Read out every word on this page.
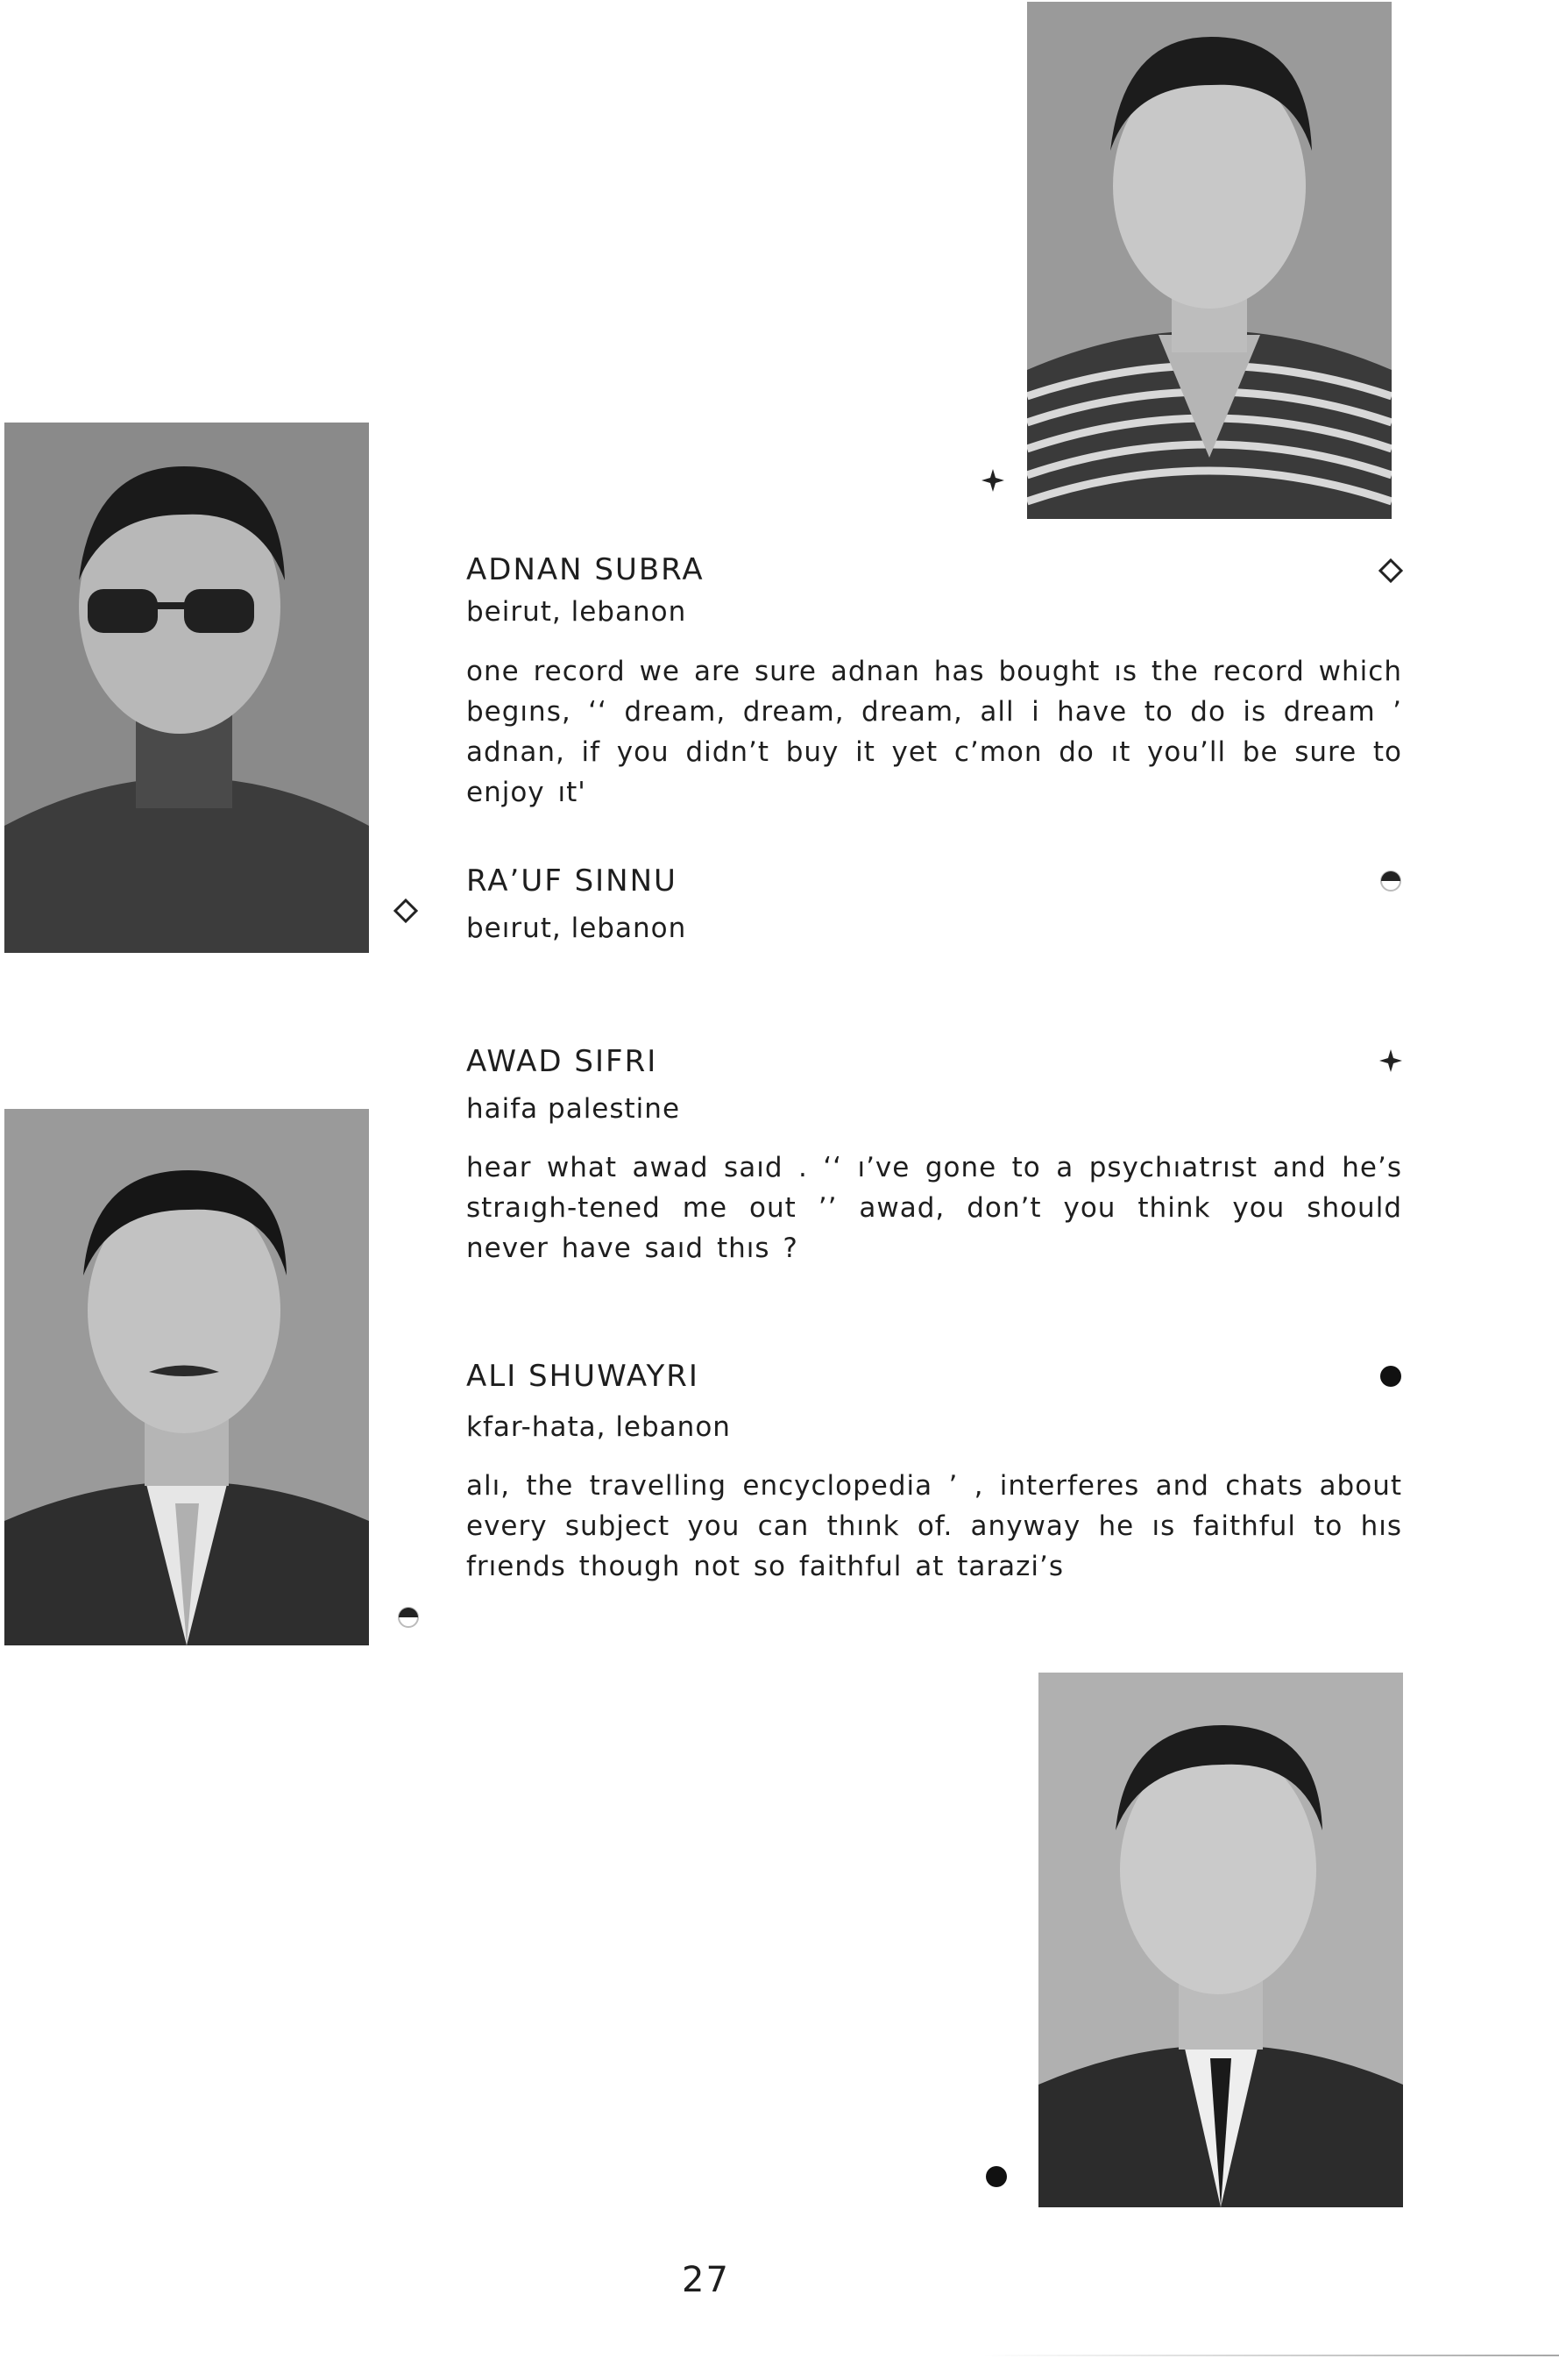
ADNAN SUBRA
beirut, lebanon
one record we are sure adnan has bought ıs the record which begıns, ‘‘ dream, dream, dream, all i have to do is dream ’ adnan, if you didn’t buy it yet c’mon do ıt you’ll be sure to enjoy ıt'
RA’UF SINNU
beırut, lebanon
AWAD SIFRI
haifa palestine
hear what awad saıd . ‘‘ ı’ve gone to a psychıatrıst and he’s straıgh-tened me out ’’ awad, don’t you think you should never have saıd thıs ?
ALI SHUWAYRI
kfar-hata, lebanon
alı, the travelling encyclopedia ’ , interferes and chats about every subject you can thınk of. anyway he ıs faithful to hıs frıends though not so faithful at tarazi’s
27
